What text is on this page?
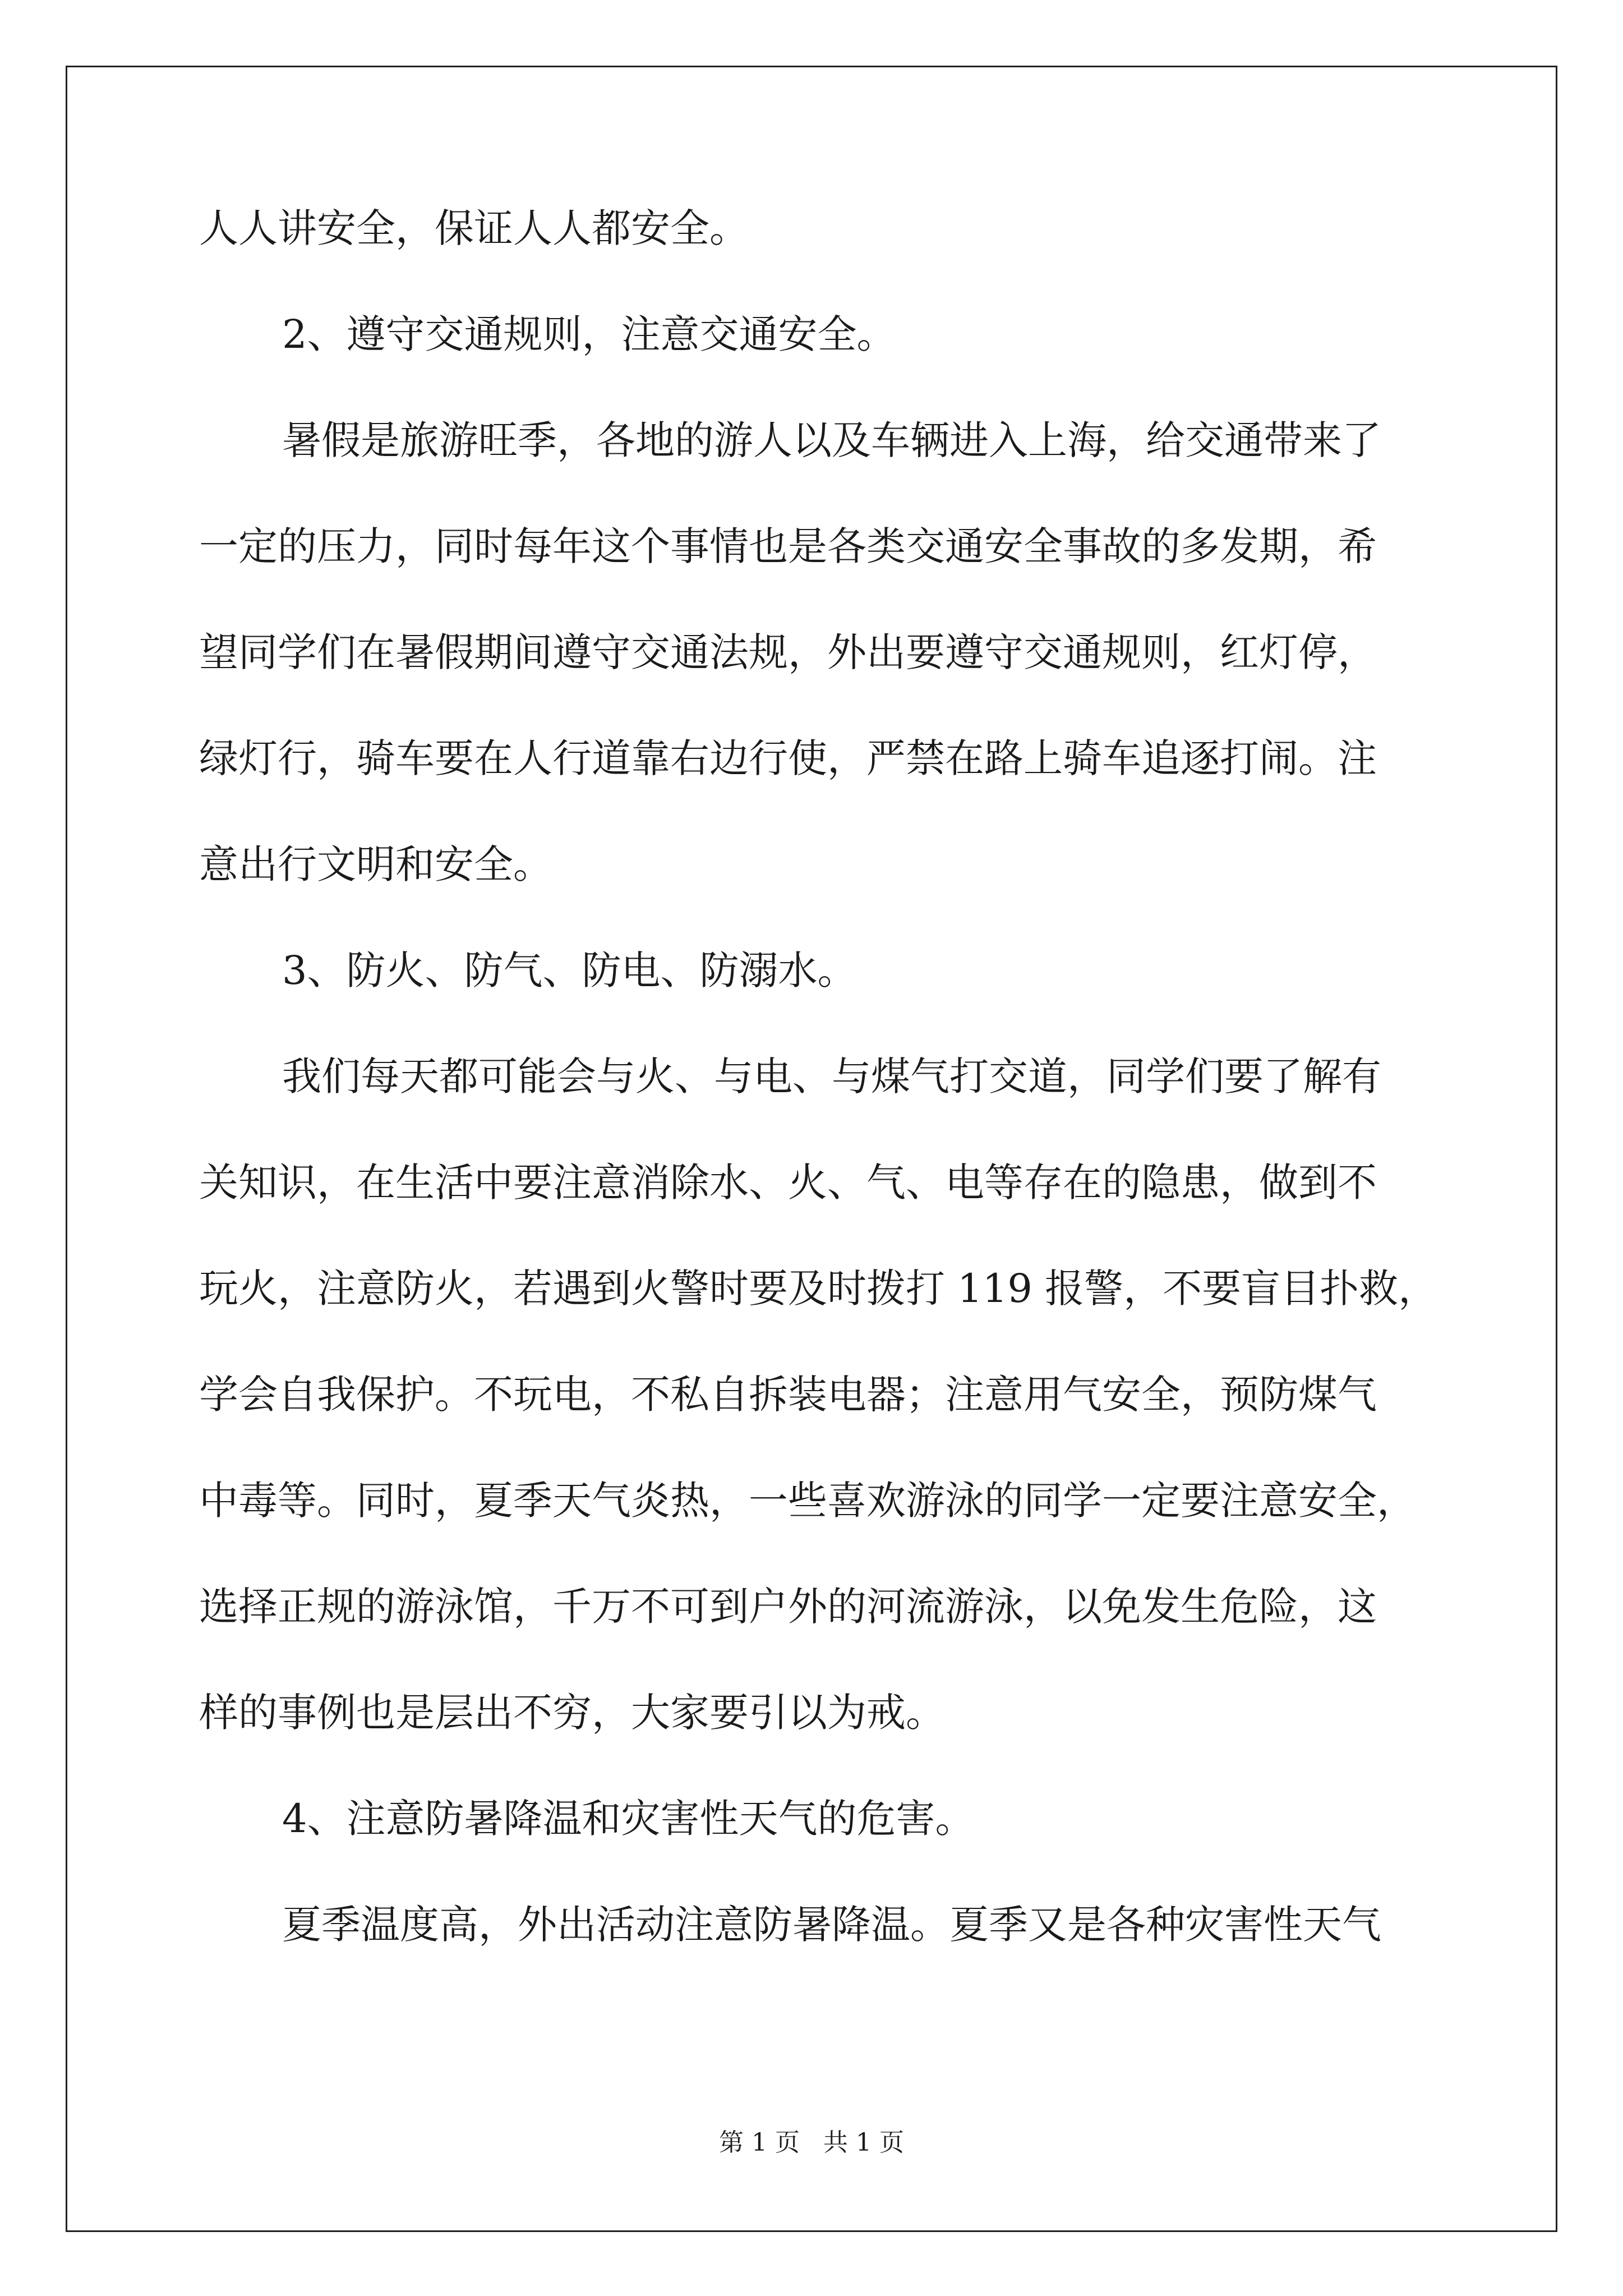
人人讲安全，保证人人都安全。
2、遵守交通规则，注意交通安全。
暑假是旅游旺季，各地的游人以及车辆进入上海，给交通带来了
一定的压力，同时每年这个事情也是各类交通安全事故的多发期，希
望同学们在暑假期间遵守交通法规，外出要遵守交通规则，红灯停，
绿灯行，骑车要在人行道靠右边行使，严禁在路上骑车追逐打闹。注
意出行文明和安全。
3、防火、防气、防电、防溺水。
我们每天都可能会与火、与电、与煤气打交道，同学们要了解有
关知识，在生活中要注意消除水、火、气、电等存在的隐患，做到不
玩火，注意防火，若遇到火警时要及时拨打 119 报警，不要盲目扑救，
学会自我保护。不玩电，不私自拆装电器；注意用气安全，预防煤气
中毒等。同时，夏季天气炎热，一些喜欢游泳的同学一定要注意安全，
选择正规的游泳馆，千万不可到户外的河流游泳，以免发生危险，这
样的事例也是层出不穷，大家要引以为戒。
4、注意防暑降温和灾害性天气的危害。
夏季温度高，外出活动注意防暑降温。夏季又是各种灾害性天气
第 1 页   共 1 页
